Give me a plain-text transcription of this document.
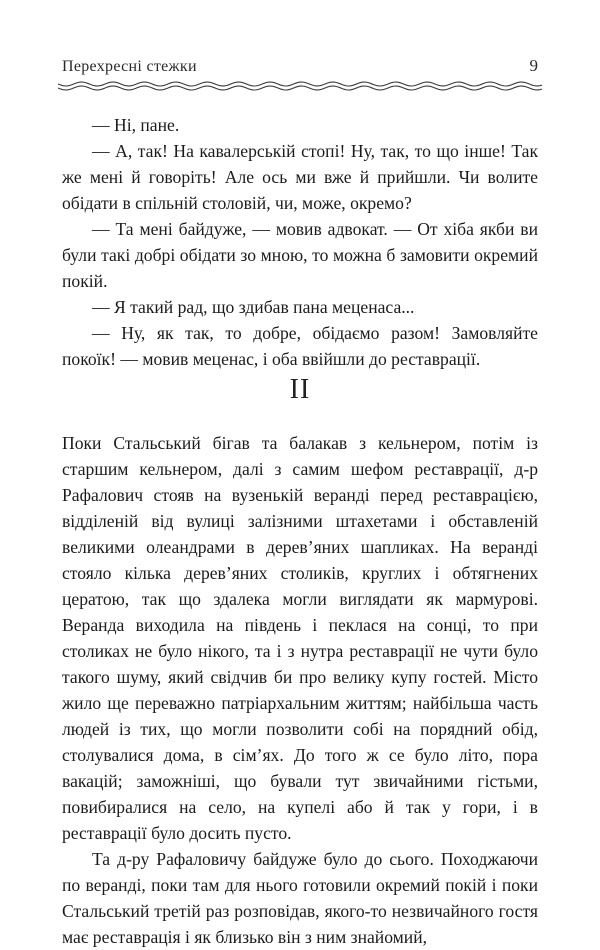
Перехресні стежки	9

— Ні, пане.

— А, так! На кавалерській стопі! Ну, так, то що інше! Так же мені й говоріть! Але ось ми вже й прийшли. Чи волите обідати в спільній столовій, чи, може, окремо?

— Та мені байдуже, — мовив адвокат. — От хіба якби ви були такі добрі обідати зо мною, то можна б замовити окремий покій.

— Я такий рад, що здибав пана меценаса...

— Ну, як так, то добре, обідаємо разом! Замовляйте покоїк! — мовив меценас, і оба ввійшли до реставрації.

II

Поки Стальський бігав та балакав з кельнером, потім із старшим кельнером, далі з самим шефом реставрації, д-р Рафалович стояв на вузенькій веранді перед реставрацією, відділеній від вулиці залізними штахетами і обставленій великими олеандрами в дерев’яних шапликах. На веранді стояло кілька дерев’яних столиків, круглих і обтягнених цератою, так що здалека могли виглядати як мармурові. Веранда виходила на південь і пеклася на сонці, то при столиках не було нікого, та і з нутра реставрації не чути було такого шуму, який свідчив би про велику купу гостей. Місто жило ще переважно патріархальним життям; найбільша часть людей із тих, що могли позволити собі на порядний обід, столувалися дома, в сім’ях. До того ж се було літо, пора вакацій; заможніші, що бували тут звичайними гістьми, повибиралися на село, на купелі або й так у гори, і в реставрації було досить пусто.

Та д-ру Рафаловичу байдуже було до сього. Походжаючи по веранді, поки там для нього готовили окремий покій і поки Стальський третій раз розповідав, якого-то незвичайного гостя має реставрація і як близько він з ним знайомий,
